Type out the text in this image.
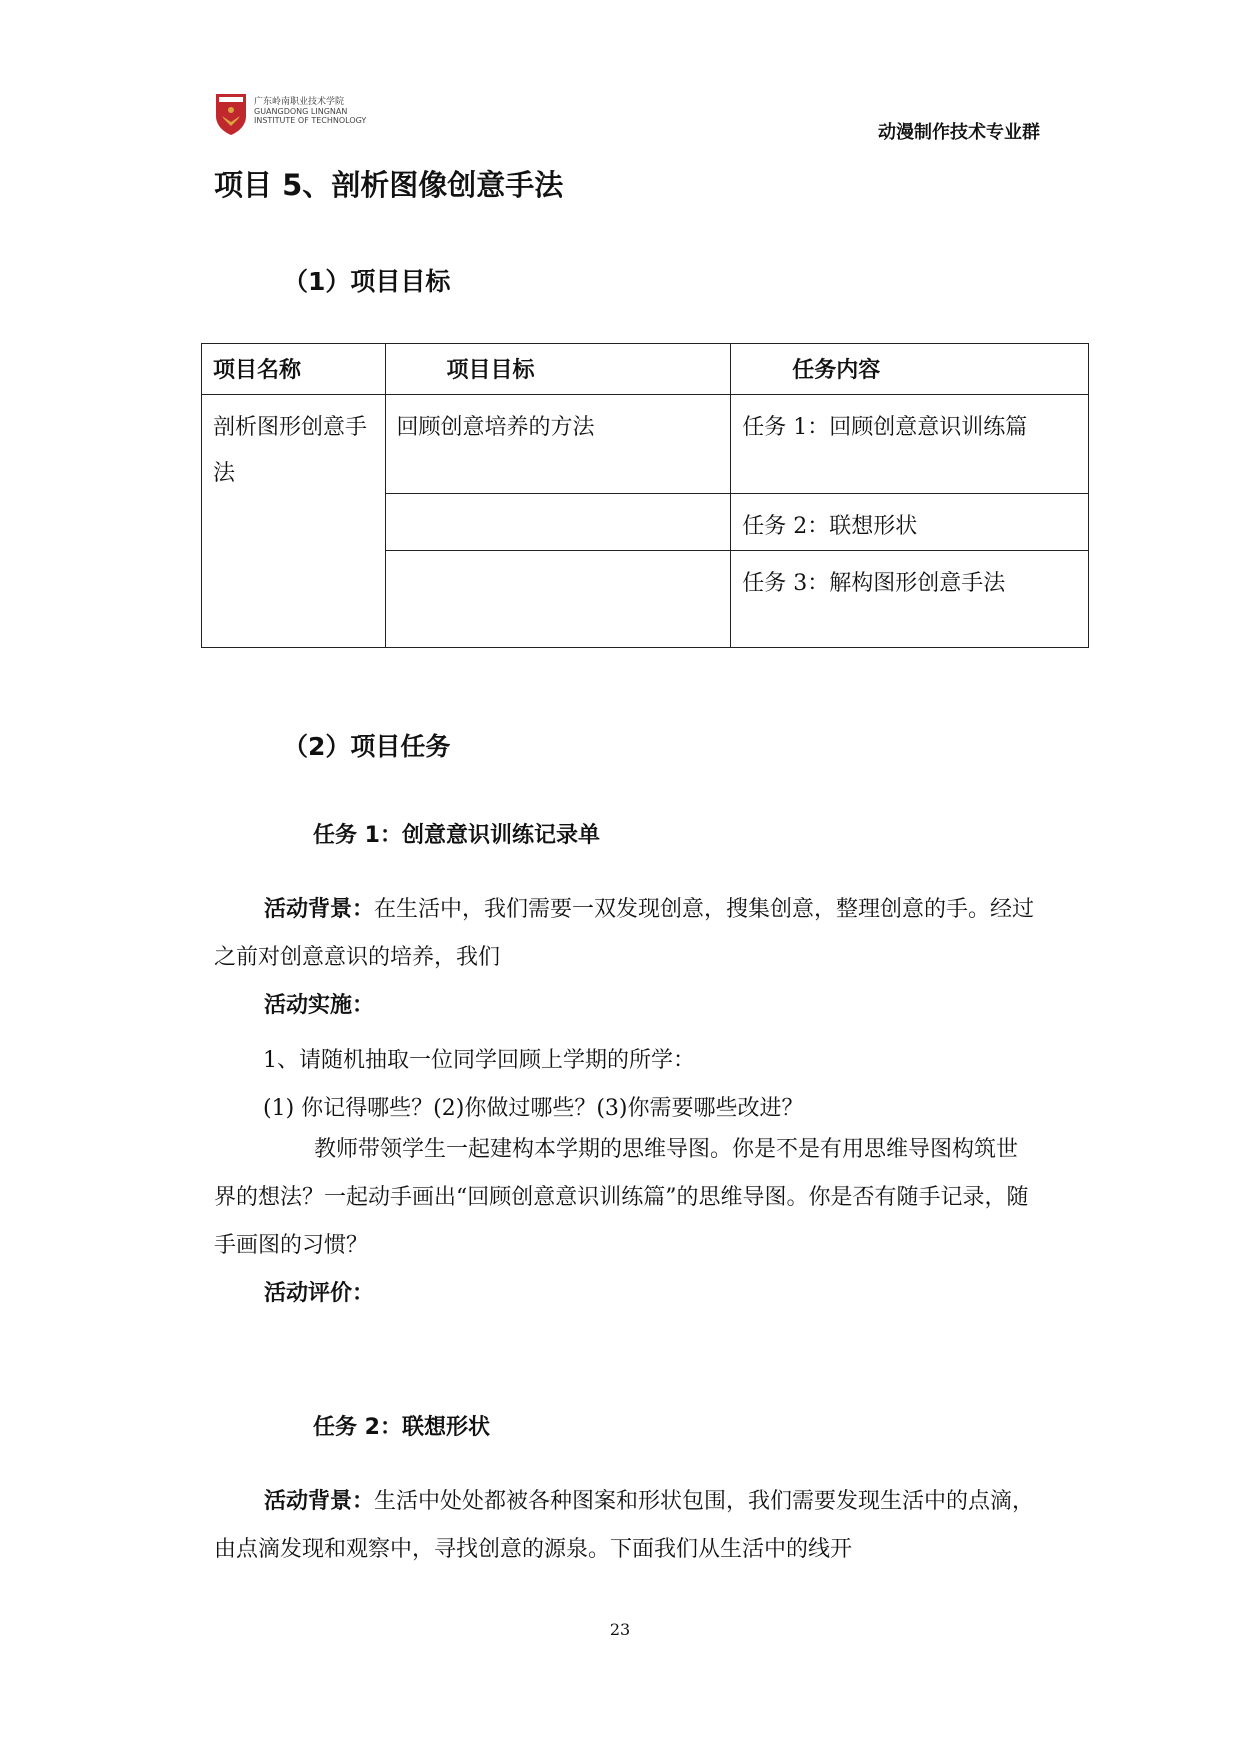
广东岭南职业技术学院
GUANGDONG LINGNAN
INSTITUTE OF TECHNOLOGY
动漫制作技术专业群
项目 5、剖析图像创意手法
（1）项目目标
项目名称	项目目标	任务内容
剖析图形创意手法	回顾创意培养的方法	任务 1：回顾创意意识训练篇
		任务 2：联想形状
		任务 3：解构图形创意手法
（2）项目任务
任务 1：创意意识训练记录单
活动背景：在生活中，我们需要一双发现创意，搜集创意，整理创意的手。经过之前对创意意识的培养，我们
活动实施：
1、请随机抽取一位同学回顾上学期的所学：
(1) 你记得哪些？(2)你做过哪些？(3)你需要哪些改进？
教师带领学生一起建构本学期的思维导图。你是不是有用思维导图构筑世界的想法？一起动手画出“回顾创意意识训练篇”的思维导图。你是否有随手记录，随手画图的习惯？
活动评价：
任务 2：联想形状
活动背景：生活中处处都被各种图案和形状包围，我们需要发现生活中的点滴，由点滴发现和观察中，寻找创意的源泉。下面我们从生活中的线开
23
